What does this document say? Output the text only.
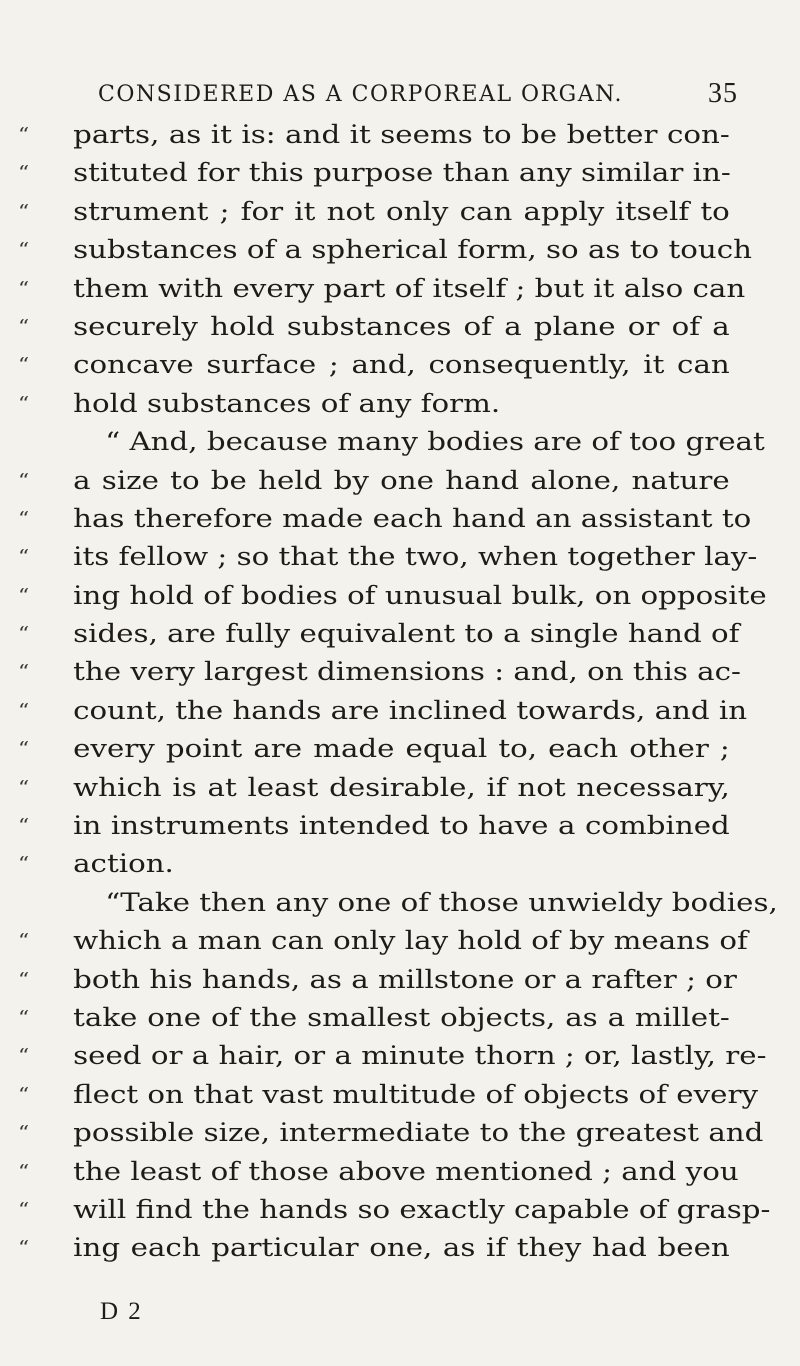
CONSIDERED AS A CORPOREAL ORGAN.	35
“	parts, as it is: and it seems to be better con-
“	stituted for this purpose than any similar in-
“	strument ; for it not only can apply itself to
“	substances of a spherical form, so as to touch
“	them with every part of itself ; but it also can
“	securely hold substances of a plane or of a
“	concave surface ; and, consequently, it can
“	hold substances of any form.
“ And, because many bodies are of too great
“	a size to be held by one hand alone, nature
“	has therefore made each hand an assistant to
“	its fellow ; so that the two, when together lay-
“	ing hold of bodies of unusual bulk, on opposite
“	sides, are fully equivalent to a single hand of
“	the very largest dimensions : and, on this ac-
“	count, the hands are inclined towards, and in
“	every point are made equal to, each other ;
“	which is at least desirable, if not necessary,
“	in instruments intended to have a combined
“	action.
“Take then any one of those unwieldy bodies,
“	which a man can only lay hold of by means of
“	both his hands, as a millstone or a rafter ; or
“	take one of the smallest objects, as a millet-
“	seed or a hair, or a minute thorn ; or, lastly, re-
“	flect on that vast multitude of objects of every
“	possible size, intermediate to the greatest and
“	the least of those above mentioned ; and you
“	will find the hands so exactly capable of grasp-
“	ing each particular one, as if they had been
D 2
